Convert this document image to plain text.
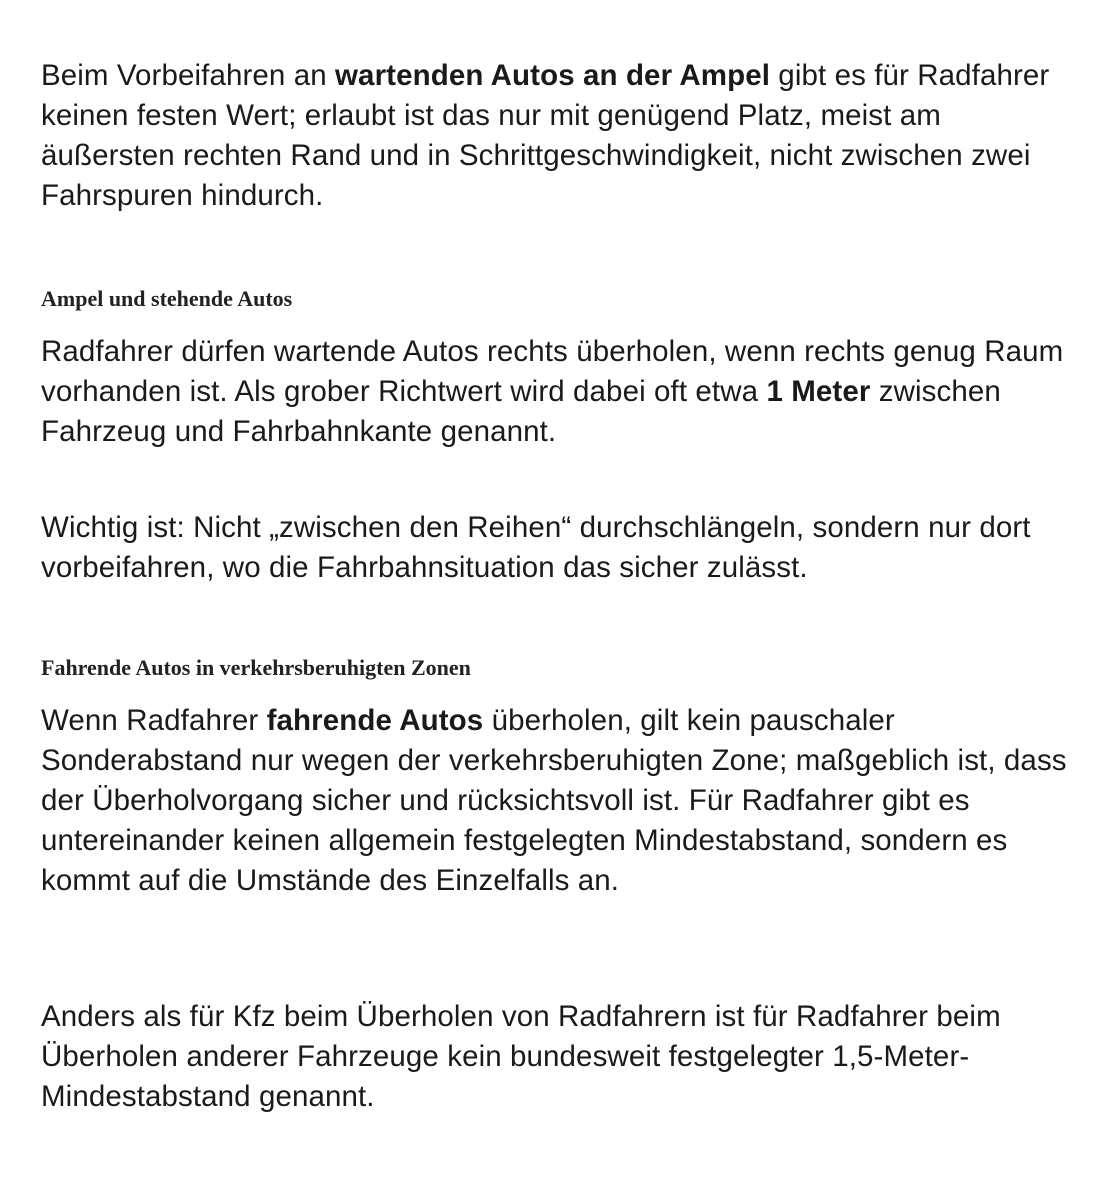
Beim Vorbeifahren an wartenden Autos an der Ampel gibt es für Radfahrer keinen festen Wert; erlaubt ist das nur mit genügend Platz, meist am äußersten rechten Rand und in Schrittgeschwindigkeit, nicht zwischen zwei Fahrspuren hindurch.

Ampel und stehende Autos

Radfahrer dürfen wartende Autos rechts überholen, wenn rechts genug Raum vorhanden ist. Als grober Richtwert wird dabei oft etwa 1 Meter zwischen Fahrzeug und Fahrbahnkante genannt.

Wichtig ist: Nicht „zwischen den Reihen“ durchschlängeln, sondern nur dort vorbeifahren, wo die Fahrbahnsituation das sicher zulässt.

Fahrende Autos in verkehrsberuhigten Zonen

Wenn Radfahrer fahrende Autos überholen, gilt kein pauschaler Sonderabstand nur wegen der verkehrsberuhigten Zone; maßgeblich ist, dass der Überholvorgang sicher und rücksichtsvoll ist. Für Radfahrer gibt es untereinander keinen allgemein festgelegten Mindestabstand, sondern es kommt auf die Umstände des Einzelfalls an.

Anders als für Kfz beim Überholen von Radfahrern ist für Radfahrer beim Überholen anderer Fahrzeuge kein bundesweit festgelegter 1,5-Meter-Mindestabstand genannt.
